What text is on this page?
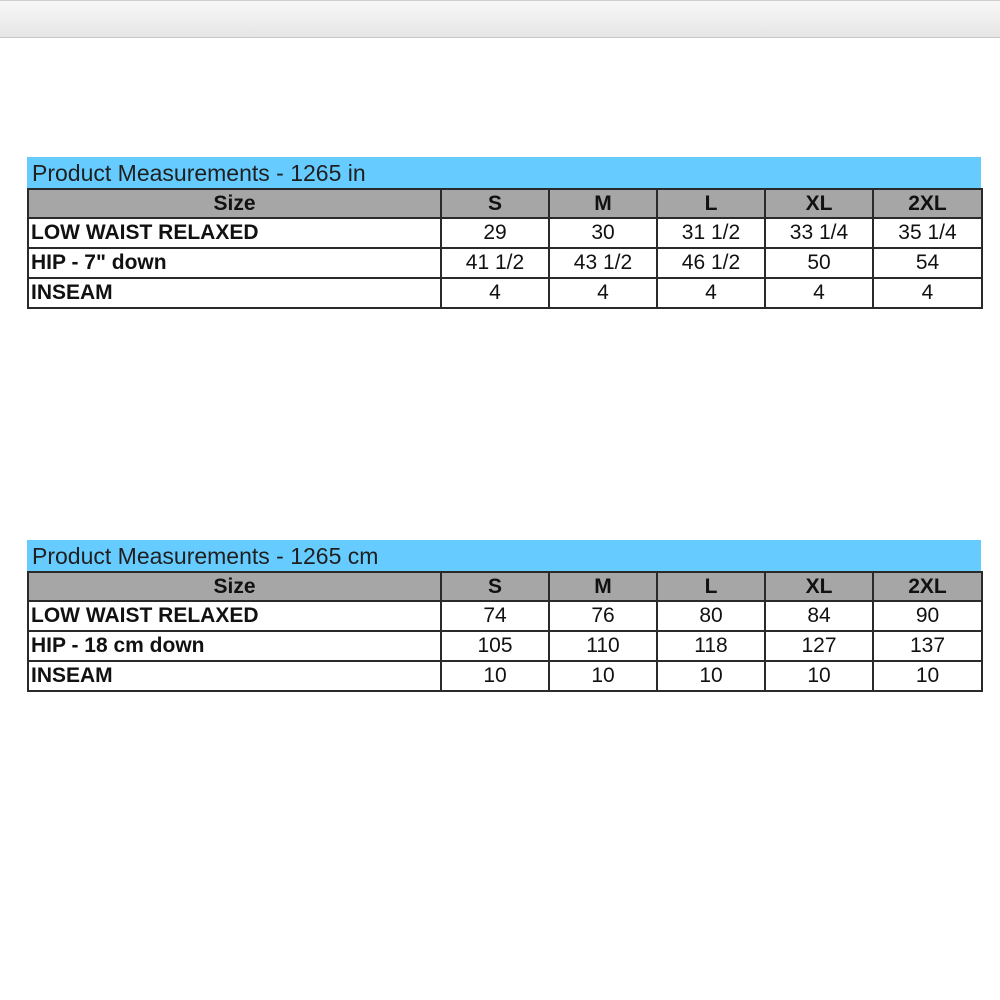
Product Measurements - 1265 in
Size	S	M	L	XL	2XL
LOW WAIST RELAXED	29	30	31 1/2	33 1/4	35 1/4
HIP - 7" down	41 1/2	43 1/2	46 1/2	50	54
INSEAM	4	4	4	4	4
Product Measurements - 1265 cm
Size	S	M	L	XL	2XL
LOW WAIST RELAXED	74	76	80	84	90
HIP - 18 cm down	105	110	118	127	137
INSEAM	10	10	10	10	10
